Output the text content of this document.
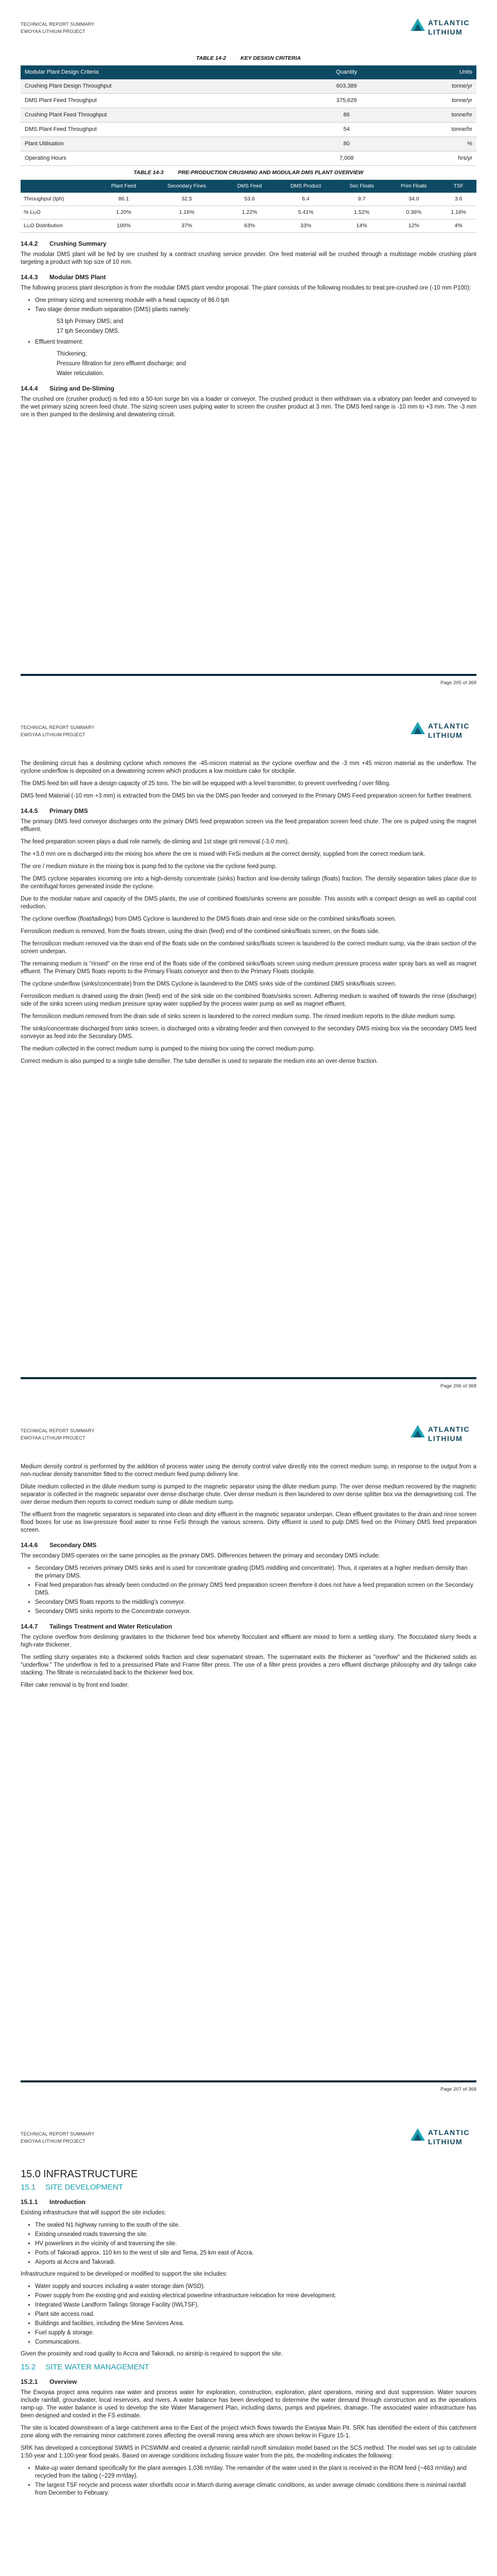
TECHNICAL REPORT SUMMARY
EWOYAA LITHIUM PROJECT
ATLANTIC
LITHIUM
TABLE 14-2	KEY DESIGN CRITERIA
Modular Plant Design Criteria	Quantity	Units
Crushing Plant Design Throughput	603,389	tonne/yr
DMS Plant Feed Throughput	375,629	tonne/yr
Crushing Plant Feed Throughput	86	tonne/hr
DMS Plant Feed Throughput	54	tonne/hr
Plant Utilisation	80	%
Operating Hours	7,008	hrs/yr
TABLE 14-3	PRE-PRODUCTION CRUSHING AND MODULAR DMS PLANT OVERVIEW
	Plant Feed	Secondary Fines	DMS Feed	DMS Product	Sec Floats	Prim Floats	TSF
Throughput (tph)	86.1	32.5	53.6	6.4	9.7	34.0	3.6
% Li₂O	1.20%	1.16%	1.22%	5.41%	1.52%	0.36%	1.16%
Li₂O Distribution	100%	37%	63%	33%	14%	12%	4%
14.4.2 Crushing Summary

The modular DMS plant will be fed by ore crushed by a contract crushing service provider. Ore feed material will be crushed through a multistage mobile crushing plant targeting a product with top size of 10 mm.

14.4.3 Modular DMS Plant

The following process plant description is from the modular DMS plant vendor proposal. The plant consists of the following modules to treat pre-crushed ore (-10 mm P100):

• One primary sizing and screening module with a head capacity of 86.0 tph
• Two stage dense medium separation (DMS) plants namely:
53 tph Primary DMS; and
17 tph Secondary DMS.
• Effluent treatment:
Thickening;
Pressure filtration for zero effluent discharge; and
Water reticulation.
14.4.4 Sizing and De-Sliming

The crushed ore (crusher product) is fed into a 50-ton surge bin via a loader or conveyor. The crushed product is then withdrawn via a vibratory pan feeder and conveyed to the wet primary sizing screen feed chute. The sizing screen uses pulping water to screen the crusher product at 3 mm. The DMS feed range is -10 mm to +3 mm. The -3 mm ore is then pumped to the desliming and dewatering circuit.

Page 205 of 368
TECHNICAL REPORT SUMMARY
EWOYAA LITHIUM PROJECT
ATLANTIC
LITHIUM

The desliming circuit has a desliming cyclone which removes the -45-micron material as the cyclone overflow and the -3 mm +45 micron material as the underflow. The cyclone underflow is deposited on a dewatering screen which produces a low moisture cake for stockpile.

The DMS feed bin will have a design capacity of 25 tons. The bin will be equipped with a level transmitter, to prevent overfeeding / over filling.

DMS feed Material (-10 mm +3 mm) is extracted from the DMS bin via the DMS pan feeder and conveyed to the Primary DMS Feed preparation screen for further treatment.

14.4.5 Primary DMS

The primary DMS feed conveyor discharges onto the primary DMS feed preparation screen via the feed preparation screen feed chute. The ore is pulped using the magnet effluent.

The feed preparation screen plays a dual role namely, de-sliming and 1st stage grit removal (-3.0 mm).

The +3.0 mm ore is discharged into the mixing box where the ore is mixed with FeSi medium at the correct density, supplied from the correct medium tank.

The ore / medium mixture in the mixing box is pump fed to the cyclone via the cyclone feed pump.

The DMS cyclone separates incoming ore into a high-density concentrate (sinks) fraction and low-density tailings (floats) fraction. The density separation takes place due to the centrifugal forces generated inside the cyclone.

Due to the modular nature and capacity of the DMS plants, the use of combined floats/sinks screens are possible. This assists with a compact design as well as capital cost reduction.

The cyclone overflow (float/tailings) from DMS Cyclone is laundered to the DMS floats drain and rinse side on the combined sinks/floats screen.

Ferrosilicon medium is removed, from the floats stream, using the drain (feed) end of the combined sinks/floats screen, on the floats side.

The ferrosilicon medium removed via the drain end of the floats side on the combined sinks/floats screen is laundered to the correct medium sump, via the drain section of the screen underpan.

The remaining medium is "rinsed" on the rinse end of the floats side of the combined sinks/floats screen using medium pressure process water spray bars as well as magnet effluent. The Primary DMS floats reports to the Primary Floats conveyor and then to the Primary Floats stockpile.

The cyclone underflow (sinks/concentrate) from the DMS Cyclone is laundered to the DMS sinks side of the combined DMS sinks/floats screen.

Ferrosilicon medium is drained using the drain (feed) end of the sink side on the combined floats/sinks screen. Adhering medium is washed off towards the rinse (discharge) side of the sinks screen using medium pressure spray water supplied by the process water pump as well as magnet effluent.

The ferrosilicon medium removed from the drain side of sinks screen is laundered to the correct medium sump. The rinsed medium reports to the dilute medium sump.

The sinks/concentrate discharged from sinks screen, is discharged onto a vibrating feeder and then conveyed to the secondary DMS mixing box via the secondary DMS feed conveyor as feed into the Secondary DMS.

The medium collected in the correct medium sump is pumped to the mixing box using the correct medium pump.

Correct medium is also pumped to a single tube densifier. The tube densifier is used to separate the medium into an over-dense fraction.

Page 206 of 368
TECHNICAL REPORT SUMMARY
EWOYAA LITHIUM PROJECT
ATLANTIC
LITHIUM

Medium density control is performed by the addition of process water using the density control valve directly into the correct medium sump, in response to the output from a non-nuclear density transmitter fitted to the correct medium feed pump delivery line.

Dilute medium collected in the dilute medium sump is pumped to the magnetic separator using the dilute medium pump. The over dense medium recovered by the magnetic separator is collected in the magnetic separator over dense discharge chute. Over dense medium is then laundered to over dense splitter box via the demagnetising coil. The over dense medium then reports to correct medium sump or dilute medium sump.

The effluent from the magnetic separators is separated into clean and dirty effluent in the magnetic separator underpan. Clean effluent gravitates to the drain and rinse screen flood boxes for use as low-pressure flood water to rinse FeSi through the various screens. Dirty effluent is used to pulp DMS feed on the Primary DMS feed preparation screen.

14.4.6 Secondary DMS

The secondary DMS operates on the same principles as the primary DMS. Differences between the primary and secondary DMS include:

• Secondary DMS receives primary DMS sinks and is used for concentrate grading (DMS middling and concentrate). Thus, it operates at a higher medium density than the primary DMS.
• Final feed preparation has already been conducted on the primary DMS feed preparation screen therefore it does not have a feed preparation screen on the Secondary DMS.
• Secondary DMS floats reports to the middling's conveyor.
• Secondary DMS sinks reports to the Concentrate conveyor.
14.4.7 Tailings Treatment and Water Reticulation

The cyclone overflow from desliming gravitates to the thickener feed box whereby flocculant and effluent are mixed to form a settling slurry. The flocculated slurry feeds a high-rate thickener.

The settling slurry separates into a thickened solids fraction and clear supernatant stream. The supernatant exits the thickener as "overflow" and the thickened solids as "underflow." The underflow is fed to a pressurised Plate and Frame filter press. The use of a filter press provides a zero effluent discharge philosophy and dry tailings cake stacking. The filtrate is recirculated back to the thickener feed box.

Filter cake removal is by front end loader.

Page 207 of 368
TECHNICAL REPORT SUMMARY
EWOYAA LITHIUM PROJECT
ATLANTIC
LITHIUM
15.0 INFRASTRUCTURE
15.1 SITE DEVELOPMENT
15.1.1 Introduction

Existing infrastructure that will support the site includes:

• The sealed N1 highway running to the south of the site.
• Existing unsealed roads traversing the site.
• HV powerlines in the vicinity of and traversing the site.
• Ports of Takoradi approx. 110 km to the west of site and Tema, 25 km east of Accra.
• Airports at Accra and Takoradi.

Infrastructure required to be developed or modified to support the site includes:

• Water supply and sources including a water storage dam (WSD).
• Power supply from the existing grid and existing electrical powerline infrastructure relocation for mine development.
• Integrated Waste Landform Tailings Storage Facility (IWLTSF).
• Plant site access road.
• Buildings and facilities, including the Mine Services Area.
• Fuel supply & storage.
• Communications.

Given the proximity and road quality to Accra and Takoradi, no airstrip is required to support the site.

15.2 SITE WATER MANAGEMENT
15.2.1 Overview

The Ewoyaa project area requires raw water and process water for exploration, construction, exploration, plant operations, mining and dust suppression. Water sources include rainfall, groundwater, local reservoirs, and rivers. A water balance has been developed to determine the water demand through construction and as the operations ramp-up. The water balance is used to develop the site Water Management Plan, including dams, pumps and pipelines, drainage. The associated water infrastructure has been designed and costed in the FS estimate.

The site is located downstream of a large catchment area to the East of the project which flows towards the Ewoyaa Main Pit. SRK has identified the extent of this catchment zone along with the remaining minor catchment zones affecting the overall mining area which are shown below in Figure 15-1.

SRK has developed a conceptional SWMS in PCSWMM and created a dynamic rainfall runoff simulation model based on the SCS method. The model was set up to calculate 1:50-year and 1:100-year flood peaks. Based on average conditions including fissure water from the pits, the modelling indicates the following:

• Make-up water demand specifically for the plant averages 1,036 m³/day. The remainder of the water used in the plant is received in the ROM feed (~463 m³/day) and recycled from the tailing (~229 m³/day).
• The largest TSF recycle and process water shortfalls occur in March during average climatic conditions, as under average climatic conditions there is minimal rainfall from December to February.
